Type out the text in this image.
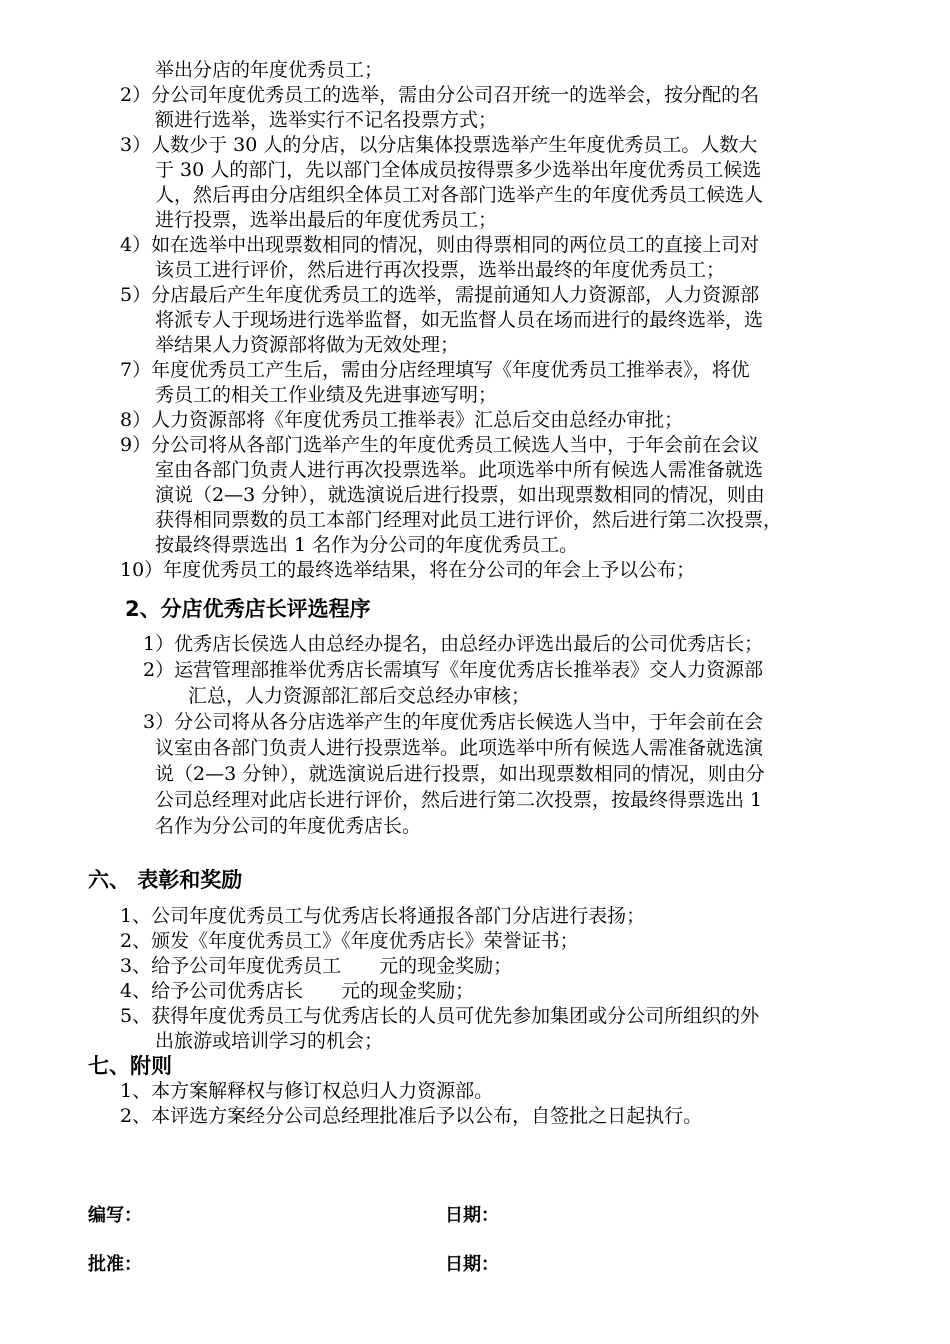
举出分店的年度优秀员工；
2）分公司年度优秀员工的选举，需由分公司召开统一的选举会，按分配的名
额进行选举，选举实行不记名投票方式；
3）人数少于 30 人的分店，以分店集体投票选举产生年度优秀员工。人数大
于 30 人的部门，先以部门全体成员按得票多少选举出年度优秀员工候选
人，然后再由分店组织全体员工对各部门选举产生的年度优秀员工候选人
进行投票，选举出最后的年度优秀员工；
4）如在选举中出现票数相同的情况，则由得票相同的两位员工的直接上司对
该员工进行评价，然后进行再次投票，选举出最终的年度优秀员工；
5）分店最后产生年度优秀员工的选举，需提前通知人力资源部，人力资源部
将派专人于现场进行选举监督，如无监督人员在场而进行的最终选举，选
举结果人力资源部将做为无效处理；
7）年度优秀员工产生后，需由分店经理填写《年度优秀员工推举表》，将优
秀员工的相关工作业绩及先进事迹写明；
8）人力资源部将《年度优秀员工推举表》汇总后交由总经办审批；
9）分公司将从各部门选举产生的年度优秀员工候选人当中，于年会前在会议
室由各部门负责人进行再次投票选举。此项选举中所有候选人需准备就选
演说（2—3 分钟），就选演说后进行投票，如出现票数相同的情况，则由
获得相同票数的员工本部门经理对此员工进行评价，然后进行第二次投票，
按最终得票选出 1 名作为分公司的年度优秀员工。
10）年度优秀员工的最终选举结果，将在分公司的年会上予以公布；
2、分店优秀店长评选程序
1）优秀店长侯选人由总经办提名，由总经办评选出最后的公司优秀店长；
2）运营管理部推举优秀店长需填写《年度优秀店长推举表》交人力资源部
汇总，人力资源部汇部后交总经办审核；
3）分公司将从各分店选举产生的年度优秀店长候选人当中，于年会前在会
议室由各部门负责人进行投票选举。此项选举中所有候选人需准备就选演
说（2—3 分钟），就选演说后进行投票，如出现票数相同的情况，则由分
公司总经理对此店长进行评价，然后进行第二次投票，按最终得票选出 1
名作为分公司的年度优秀店长。
六、 表彰和奖励
1、公司年度优秀员工与优秀店长将通报各部门分店进行表扬；
2、颁发《年度优秀员工》《年度优秀店长》荣誉证书；
3、给予公司年度优秀员工　　元的现金奖励；
4、给予公司优秀店长　　元的现金奖励；
5、获得年度优秀员工与优秀店长的人员可优先参加集团或分公司所组织的外
出旅游或培训学习的机会；
七、附则
1、本方案解释权与修订权总归人力资源部。
2、本评选方案经分公司总经理批准后予以公布，自签批之日起执行。
编写：	日期：
批准：	日期：
